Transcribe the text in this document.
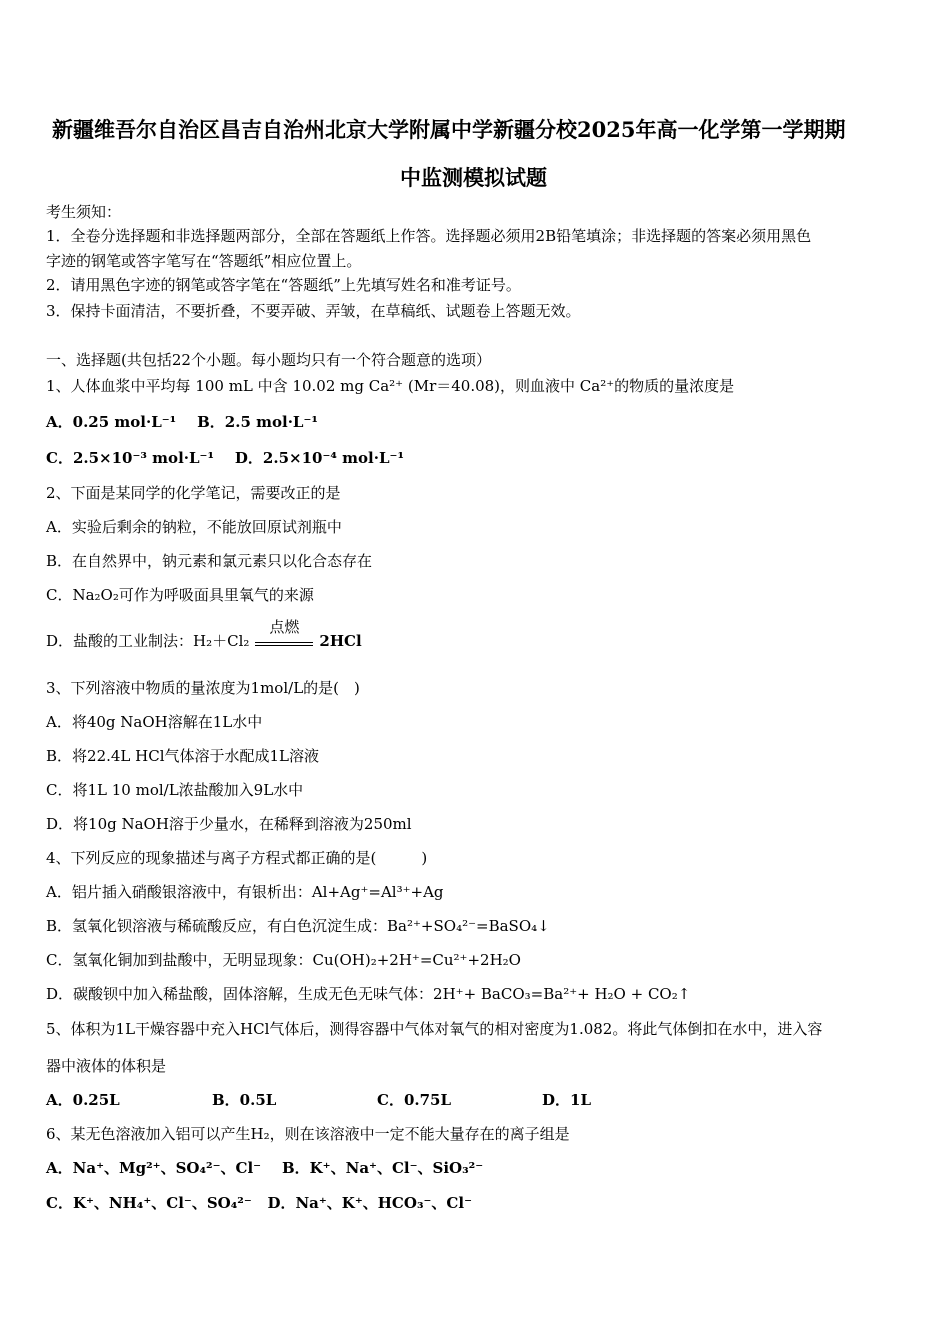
新疆维吾尔自治区昌吉自治州北京大学附属中学新疆分校2025年高一化学第一学期期
中监测模拟试题
考生须知：
1．全卷分选择题和非选择题两部分，全部在答题纸上作答。选择题必须用2B铅笔填涂；非选择题的答案必须用黑色
字迹的钢笔或答字笔写在“答题纸”相应位置上。
2．请用黑色字迹的钢笔或答字笔在“答题纸”上先填写姓名和准考证号。
3．保持卡面清洁，不要折叠，不要弄破、弄皱，在草稿纸、试题卷上答题无效。
一、选择题(共包括22个小题。每小题均只有一个符合题意的选项）
1、人体血浆中平均每 100 mL 中含 10.02 mg Ca²⁺ (Mr＝40.08)，则血液中 Ca²⁺的物质的量浓度是
A．0.25 mol·L⁻¹ B．2.5 mol·L⁻¹
C．2.5×10⁻³ mol·L⁻¹ D．2.5×10⁻⁴ mol·L⁻¹
2、下面是某同学的化学笔记，需要改正的是
A．实验后剩余的钠粒，不能放回原试剂瓶中
B．在自然界中，钠元素和氯元素只以化合态存在
C．Na₂O₂可作为呼吸面具里氧气的来源
D．盐酸的工业制法：H₂＋Cl₂
点燃
2HCl
3、下列溶液中物质的量浓度为1mol/L的是(　)
A．将40g NaOH溶解在1L水中
B．将22.4L HCl气体溶于水配成1L溶液
C．将1L 10 mol/L浓盐酸加入9L水中
D．将10g NaOH溶于少量水，在稀释到溶液为250ml
4、下列反应的现象描述与离子方程式都正确的是(　　　)
A．铝片插入硝酸银溶液中，有银析出：Al+Ag⁺=Al³⁺+Ag
B．氢氧化钡溶液与稀硫酸反应，有白色沉淀生成：Ba²⁺+SO₄²⁻=BaSO₄↓
C．氢氧化铜加到盐酸中，无明显现象：Cu(OH)₂+2H⁺=Cu²⁺+2H₂O
D．碳酸钡中加入稀盐酸，固体溶解，生成无色无味气体：2H⁺+ BaCO₃=Ba²⁺+ H₂O + CO₂↑
5、体积为1L干燥容器中充入HCl气体后，测得容器中气体对氧气的相对密度为1.082。将此气体倒扣在水中，进入容
器中液体的体积是
A．0.25L	B．0.5L	C．0.75L	D．1L
6、某无色溶液加入铝可以产生H₂，则在该溶液中一定不能大量存在的离子组是
A．Na⁺、Mg²⁺、SO₄²⁻、Cl⁻ B．K⁺、Na⁺、Cl⁻、SiO₃²⁻
C．K⁺、NH₄⁺、Cl⁻、SO₄²⁻ D．Na⁺、K⁺、HCO₃⁻、Cl⁻
